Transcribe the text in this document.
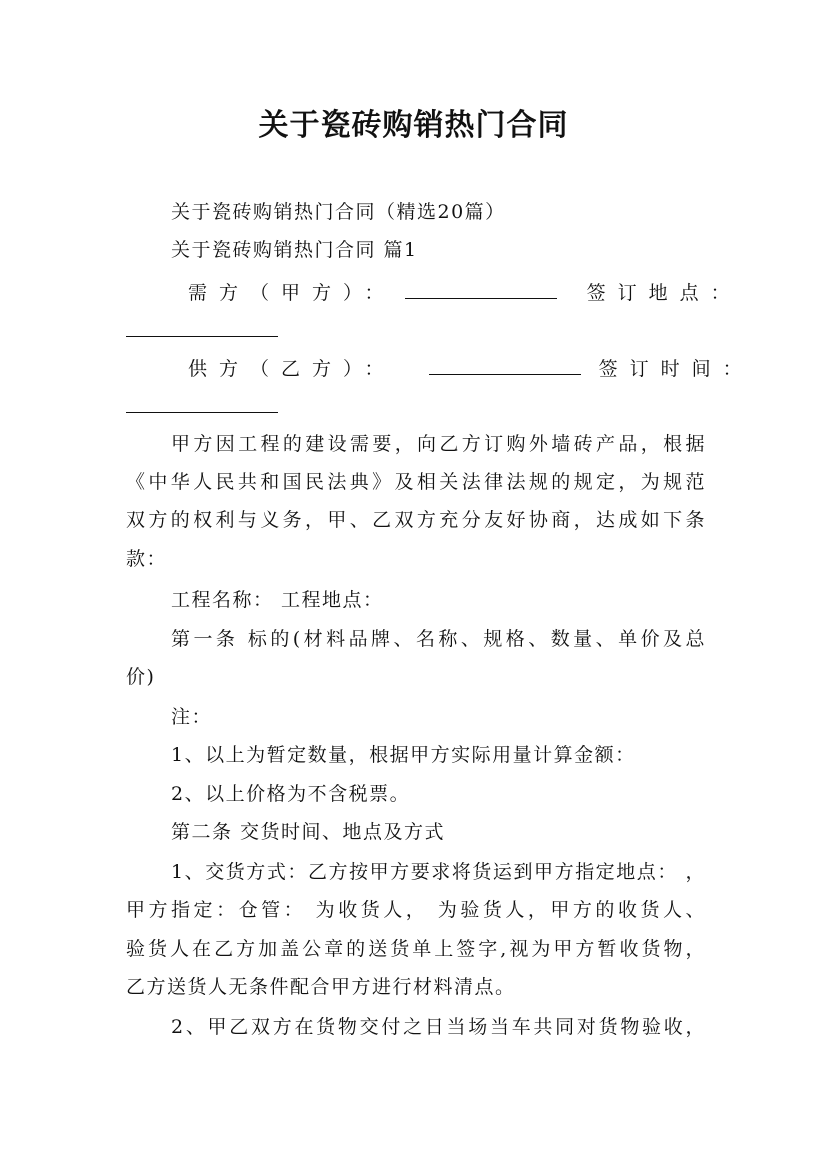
关于瓷砖购销热门合同
关于瓷砖购销热门合同（精选20篇）
关于瓷砖购销热门合同 篇1
需方（甲方）：	签订地点：
供方（乙方）：	签订时间：
甲方因工程的建设需要，向乙方订购外墙砖产品，根据
《中华人民共和国民法典》及相关法律法规的规定，为规范
双方的权利与义务，甲、乙双方充分友好协商，达成如下条
款：
工程名称： 工程地点：
第一条 标的(材料品牌、名称、规格、数量、单价及总
价)
注：
1、以上为暂定数量，根据甲方实际用量计算金额：
2、以上价格为不含税票。
第二条 交货时间、地点及方式
1、交货方式：乙方按甲方要求将货运到甲方指定地点： ，
甲方指定：仓管： 为收货人， 为验货人，甲方的收货人、
验货人在乙方加盖公章的送货单上签字,视为甲方暂收货物，
乙方送货人无条件配合甲方进行材料清点。
2、甲乙双方在货物交付之日当场当车共同对货物验收，
